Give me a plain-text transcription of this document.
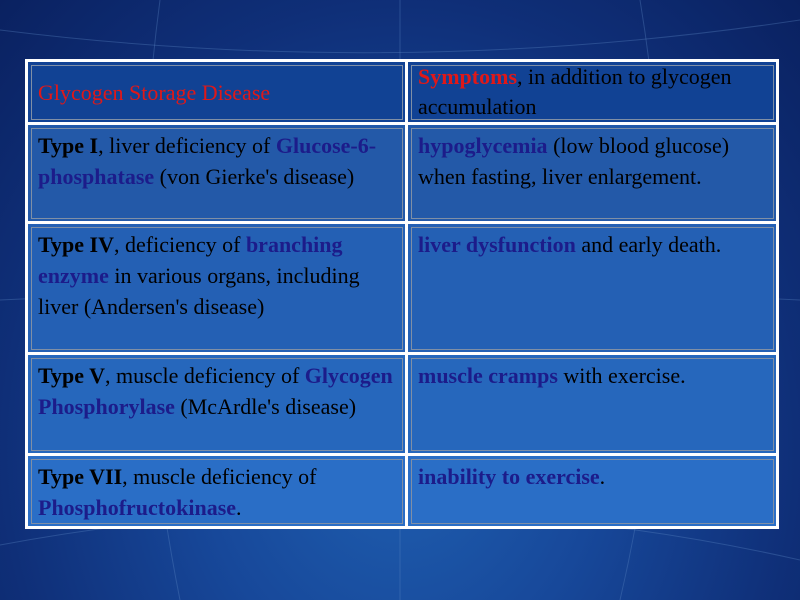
Glycogen Storage Disease	Symptoms, in addition to glycogen accumulation

Type I, liver deficiency of Glucose-6-phosphatase (von Gierke's disease)	hypoglycemia (low blood glucose) when fasting, liver enlargement.
Type IV, deficiency of branching enzyme in various organs, including liver (Andersen's disease)	liver dysfunction and early death.
Type V, muscle deficiency of Glycogen Phosphorylase (McArdle's disease)	muscle cramps with exercise.
Type VII, muscle deficiency of Phosphofructokinase.	inability to exercise.
